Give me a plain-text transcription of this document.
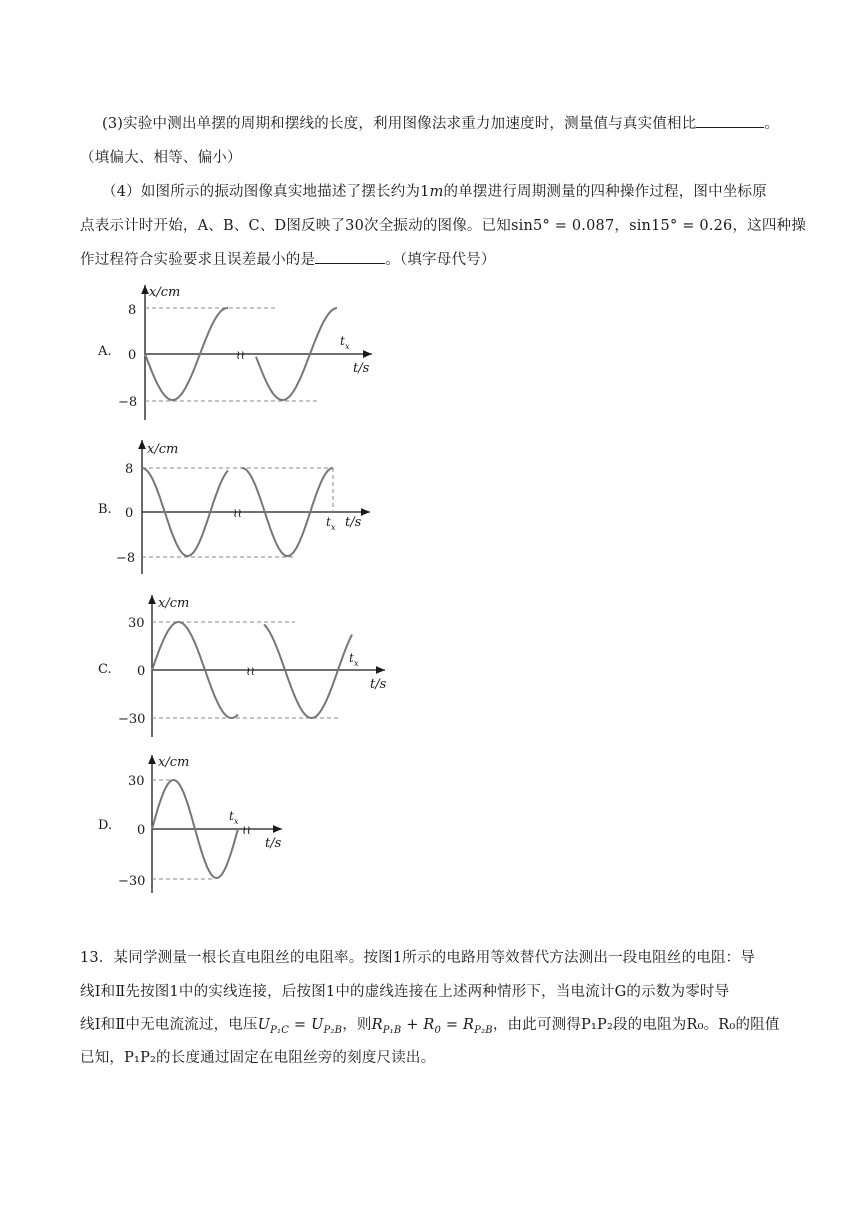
(3)实验中测出单摆的周期和摆线的长度，利用图像法求重力加速度时，测量值与真实值相比	。
（填偏大、相等、偏小）
（4）如图所示的振动图像真实地描述了摆长约为1m的单摆进行周期测量的四种操作过程，图中坐标原
点表示计时开始，A、B、C、D图反映了30次全振动的图像。已知sin5° = 0.087，sin15° = 0.26，这四种操
作过程符合实验要求且误差最小的是	。（填字母代号）
A.
B.
C.
D.
≀≀
x/cm
8
0
−8
t x
t/s
≀≀
x/cm
8
0
−8
t x t/s
≀≀
x/cm
30
0
−30
t x
t/s
≀≀
x/cm
30
0
−30
t x
t/s
13．某同学测量一根长直电阻丝的电阻率。按图1所示的电路用等效替代方法测出一段电阻丝的电阻：导
线Ⅰ和Ⅱ先按图1中的实线连接，后按图1中的虚线连接在上述两种情形下，当电流计G的示数为零时导
线Ⅰ和Ⅱ中无电流流过，电压$U_{P_1C} = U_{P_2B}$，则$R_{P_1B} + R_0 = R_{P_2B}$，由此可测得P₁P₂段的电阻为R₀。R₀的阻值
已知，P₁P₂的长度通过固定在电阻丝旁的刻度尺读出。
